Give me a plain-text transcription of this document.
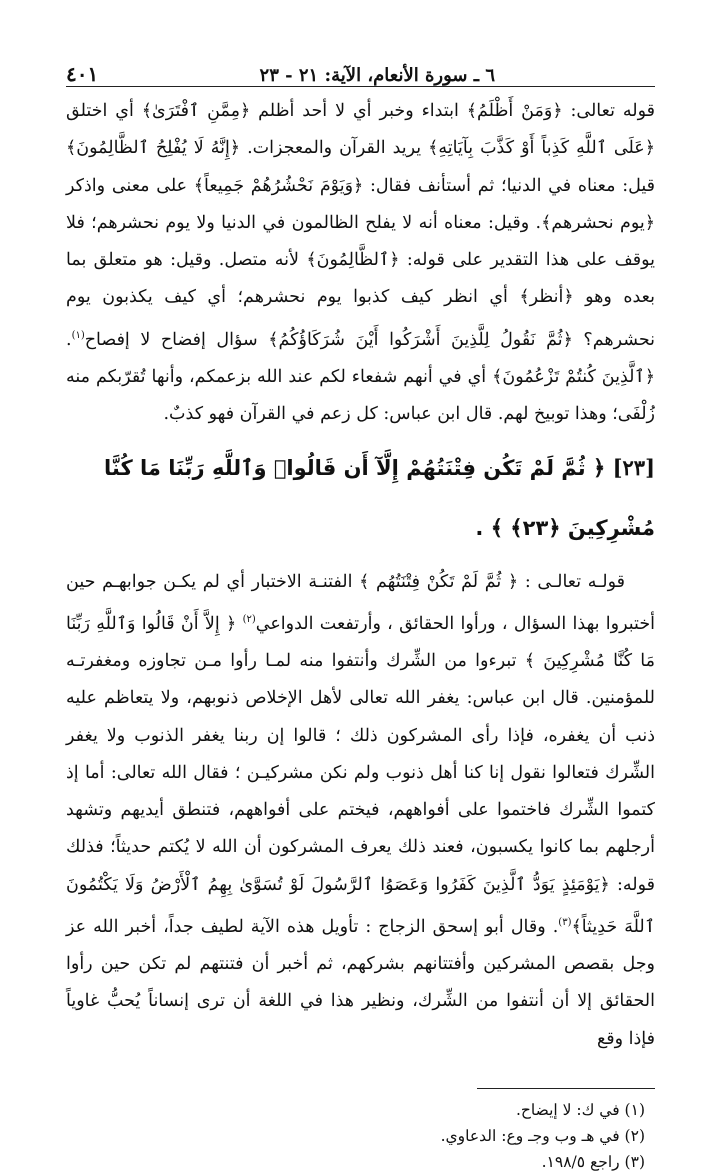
٦ ـ سورة الأنعام، الآية: ٢١ - ٢٣
٤٠١

قوله تعالى: ﴿وَمَنْ أَظْلَمُ﴾ ابتداء وخبر أي لا أحد أظلم ﴿مِمَّنِ ٱفْتَرَىٰ﴾ أي اختلق ﴿عَلَى ٱللَّهِ كَذِباً أَوْ كَذَّبَ بِآيَاتِهِ﴾ يريد القرآن والمعجزات. ﴿إِنَّهُ لَا يُفْلِحُ ٱلظَّالِمُونَ﴾ قيل: معناه في الدنيا؛ ثم أستأنف فقال: ﴿وَيَوْمَ نَحْشُرُهُمْ جَمِيعاً﴾ على معنى واذكر ﴿يوم نحشرهم﴾. وقيل: معناه أنه لا يفلح الظالمون في الدنيا ولا يوم نحشرهم؛ فلا يوقف على هذا التقدير على قوله: ﴿ٱلظَّالِمُونَ﴾ لأنه متصل. وقيل: هو متعلق بما بعده وهو ﴿أنظر﴾ أي انظر كيف كذبوا يوم نحشرهم؛ أي كيف يكذبون يوم نحشرهم؟ ﴿ثُمَّ نَقُولُ لِلَّذِينَ أَشْرَكُوا أَيْنَ شُرَكَاؤُكُمُ﴾ سؤال إفضاح لا إفصاح$^{(١)}$. ﴿ٱلَّذِينَ كُنتُمْ تَزْعُمُونَ﴾ أي في أنهم شفعاء لكم عند الله بزعمكم، وأنها تُقرّبكم منه زُلْفَى؛ وهذا توبيخ لهم. قال ابن عباس: كل زعم في القرآن فهو كذبٌ.

[٢٣] ﴿ ثُمَّ لَمْ تَكُن فِتْنَتُهُمْ إِلَّآ أَن قَالُوا۟ وَٱللَّهِ رَبِّنَا مَا كُنَّا مُشْرِكِينَ ﴿٢٣﴾ ﴾ .

قولـه تعالـى : ﴿ ثُمَّ لَمْ تَكُنْ فِتْنَتُهُم ﴾ الفتنـة الاختبار أي لم يكـن جوابهـم حين أختبروا بهذا السؤال ، ورأوا الحقائق ، وأرتفعت الدواعي$^{(٢)}$ ﴿ إِلاَّ أَنْ قَالُوا وَٱللَّهِ رَبِّنَا مَا كُنَّا مُشْرِكِينَ ﴾ تبرءوا من الشِّرك وأنتفوا منه لمـا رأوا مـن تجاوزه ومغفرتـه للمؤمنين. قال ابن عباس: يغفر الله تعالى لأهل الإخلاص ذنوبهم، ولا يتعاظم عليه ذنب أن يغفره، فإذا رأى المشركون ذلك ؛ قالوا إن ربنا يغفر الذنوب ولا يغفر الشِّرك فتعالوا نقول إنا كنا أهل ذنوب ولم نكن مشركيـن ؛ فقال الله تعالى: أما إذ كتموا الشِّرك فاختموا على أفواههم، فيختم على أفواههم، فتنطق أيديهم وتشهد أرجلهم بما كانوا يكسبون، فعند ذلك يعرف المشركون أن الله لا يُكتم حديثاً؛ فذلك قوله: ﴿يَوْمَئِذٍ يَوَدُّ ٱلَّذِينَ كَفَرُوا وَعَصَوُا ٱلرَّسُولَ لَوْ تُسَوَّىٰ بِهِمُ ٱلْأَرْضُ وَلَا يَكْتُمُونَ ٱللَّهَ حَدِيثاً﴾$^{(٣)}$. وقال أبو إسحق الزجاج : تأويل هذه الآية لطيف جداً، أخبر الله عز وجل بقصص المشركين وأفتتانهم بشركهم، ثم أخبر أن فتنتهم لم تكن حين رأوا الحقائق إلا أن أنتفوا من الشِّرك، ونظير هذا في اللغة أن ترى إنساناً يُحبُّ غاوياً فإذا وقع

(١) في ك: لا إيضاح.
(٢) في هـ وب وجـ وع: الدعاوي.
(٣) راجع ١٩٨/٥.
